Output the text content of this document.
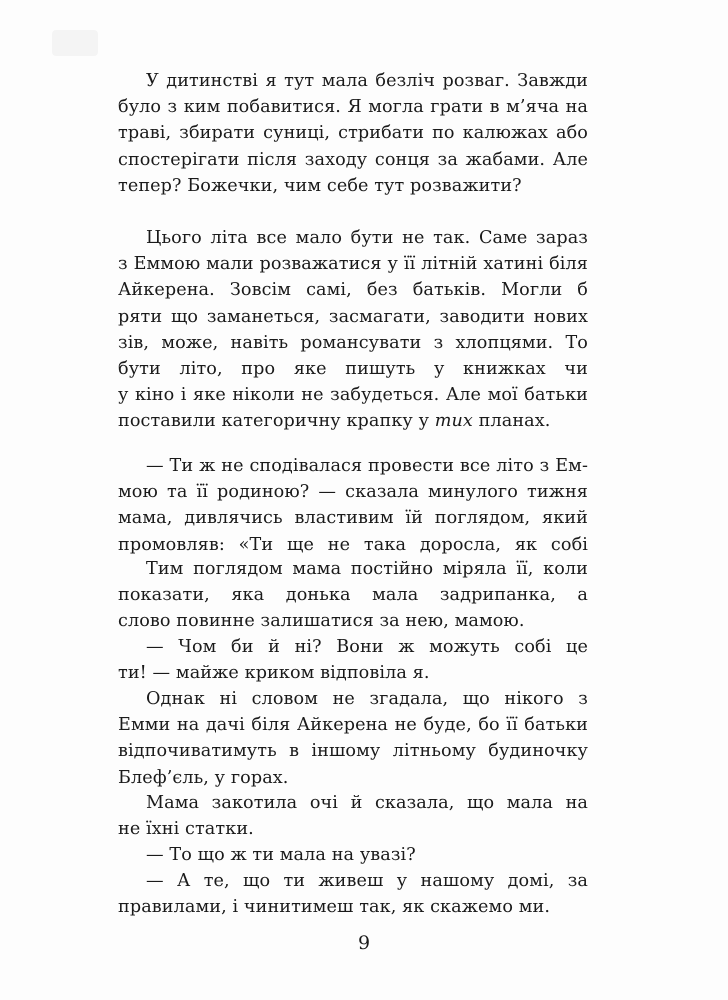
У дитинстві я тут мала безліч розваг. Завжди
було з ким побавитися. Я могла грати в м’яча на
траві, збирати суниці, стрибати по калюжах або
спостерігати після заходу сонця за жабами. Але
тепер? Божечки, чим себе тут розважити?
Цього літа все мало бути не так. Саме зараз
з Еммою мали розважатися у її літній хатині біля
Айкерена. Зовсім самі, без батьків. Могли б
ряти що заманеться, засмагати, заводити нових
зів, може, навіть романсувати з хлопцями. То
бути літо, про яке пишуть у книжках чи
у кіно і яке ніколи не забудеться. Але мої батьки
поставили категоричну крапку у тих планах.
— Ти ж не сподівалася провести все літо з Ем-
мою та її родиною? — сказала минулого тижня
мама, дивлячись властивим їй поглядом, який
промовляв: «Ти ще не така доросла, як собі
Тим поглядом мама постійно міряла її, коли
показати, яка донька мала задрипанка, а
слово повинне залишатися за нею, мамою.
— Чом би й ні? Вони ж можуть собі це
ти! — майже криком відповіла я.
Однак ні словом не згадала, що нікого з
Емми на дачі біля Айкерена не буде, бо її батьки
відпочиватимуть в іншому літньому будиночку
Блеф’єль, у горах.
Мама закотила очі й сказала, що мала на
не їхні статки.
— То що ж ти мала на увазі?
— А те, що ти живеш у нашому домі, за
правилами, і чинитимеш так, як скажемо ми.
9
